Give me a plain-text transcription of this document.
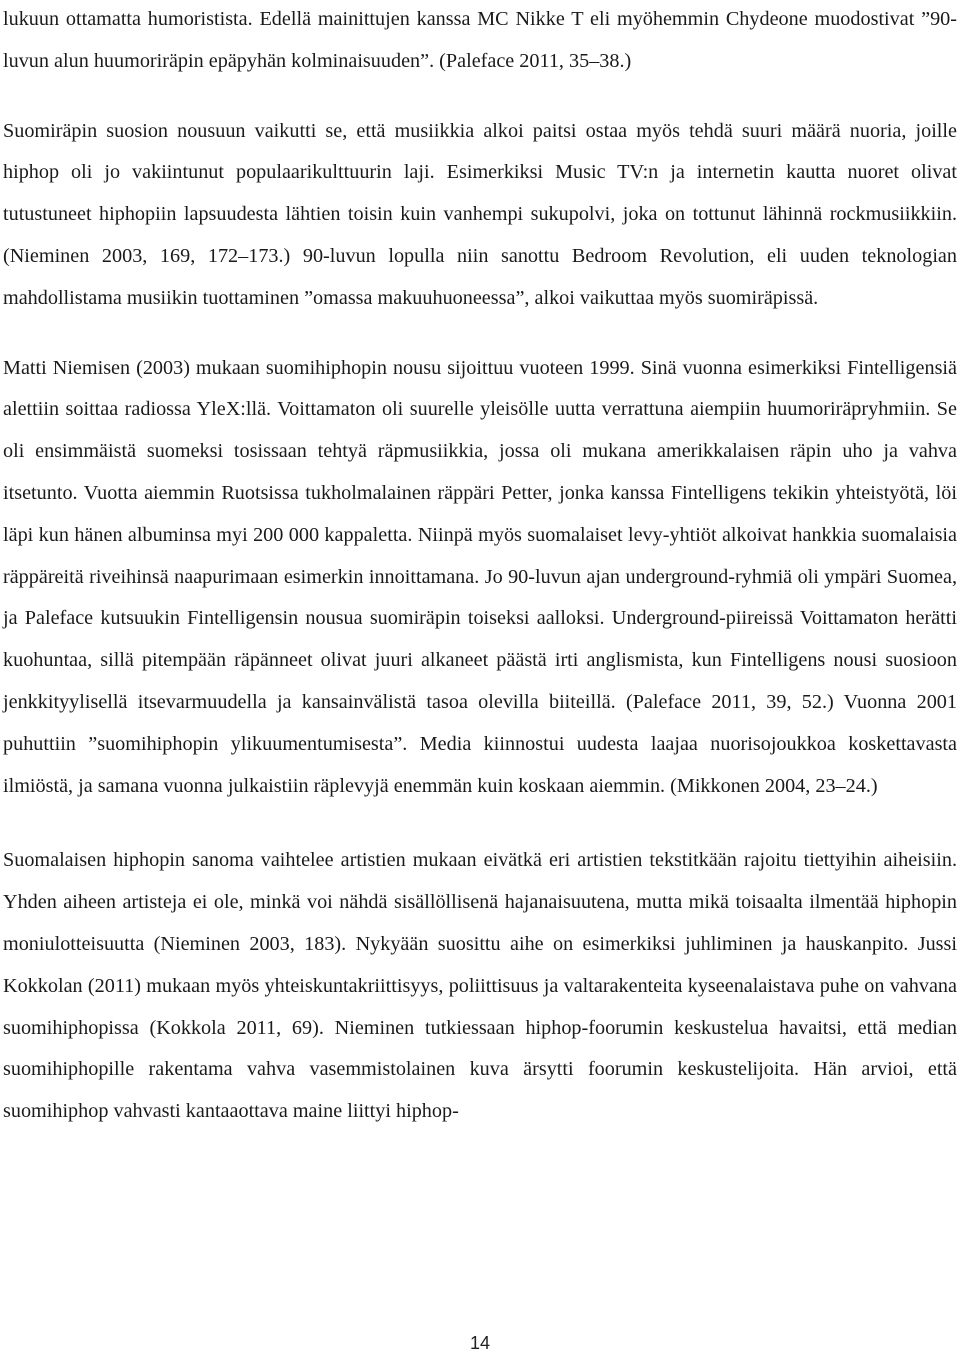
lukuun ottamatta humoristista. Edellä mainittujen kanssa MC Nikke T eli myöhemmin Chydeone muodostivat ”90-luvun alun huumoriräpin epäpyhän kolminaisuuden”. (Paleface 2011, 35–38.)

Suomiräpin suosion nousuun vaikutti se, että musiikkia alkoi paitsi ostaa myös tehdä suuri määrä nuoria, joille hiphop oli jo vakiintunut populaarikulttuurin laji. Esimerkiksi Music TV:n ja internetin kautta nuoret olivat tutustuneet hiphopiin lapsuudesta lähtien toisin kuin vanhempi sukupolvi, joka on tottunut lähinnä rockmusiikkiin. (Nieminen 2003, 169, 172–173.) 90-luvun lopulla niin sanottu Bedroom Revolution, eli uuden teknologian mahdollistama musiikin tuottaminen ”omassa makuuhuoneessa”, alkoi vaikuttaa myös suomiräpissä.

Matti Niemisen (2003) mukaan suomihiphopin nousu sijoittuu vuoteen 1999. Sinä vuonna esimerkiksi Fintelligensiä alettiin soittaa radiossa YleX:llä. Voittamaton oli suurelle yleisölle uutta verrattuna aiempiin huumoriräpryhmiin. Se oli ensimmäistä suomeksi tosissaan tehtyä räpmusiikkia, jossa oli mukana amerikkalaisen räpin uho ja vahva itsetunto. Vuotta aiemmin Ruotsissa tukholmalainen räppäri Petter, jonka kanssa Fintelligens tekikin yhteistyötä, löi läpi kun hänen albuminsa myi 200 000 kappaletta. Niinpä myös suomalaiset levy-yhtiöt alkoivat hankkia suomalaisia räppäreitä riveihinsä naapurimaan esimerkin innoittamana. Jo 90-luvun ajan underground-ryhmiä oli ympäri Suomea, ja Paleface kutsuukin Fintelligensin nousua suomiräpin toiseksi aalloksi. Underground-piireissä Voittamaton herätti kuohuntaa, sillä pitempään räpänneet olivat juuri alkaneet päästä irti anglismista, kun Fintelligens nousi suosioon jenkkityylisellä itsevarmuudella ja kansainvälistä tasoa olevilla biiteillä. (Paleface 2011, 39, 52.) Vuonna 2001 puhuttiin ”suomihiphopin ylikuumentumisesta”. Media kiinnostui uudesta laajaa nuorisojoukkoa koskettavasta ilmiöstä, ja samana vuonna julkaistiin räplevyjä enemmän kuin koskaan aiemmin. (Mikkonen 2004, 23–24.)

Suomalaisen hiphopin sanoma vaihtelee artistien mukaan eivätkä eri artistien tekstitkään rajoitu tiettyihin aiheisiin. Yhden aiheen artisteja ei ole, minkä voi nähdä sisällöllisenä hajanaisuutena, mutta mikä toisaalta ilmentää hiphopin moniulotteisuutta (Nieminen 2003, 183). Nykyään suosittu aihe on esimerkiksi juhliminen ja hauskanpito. Jussi Kokkolan (2011) mukaan myös yhteiskuntakriittisyys, poliittisuus ja valtarakenteita kyseenalaistava puhe on vahvana suomihiphopissa (Kokkola 2011, 69). Nieminen tutkiessaan hiphop-foorumin keskustelua havaitsi, että median suomihiphopille rakentama vahva vasemmistolainen kuva ärsytti foorumin keskustelijoita. Hän arvioi, että suomihiphop vahvasti kantaaottava maine liittyi hiphop-

14
